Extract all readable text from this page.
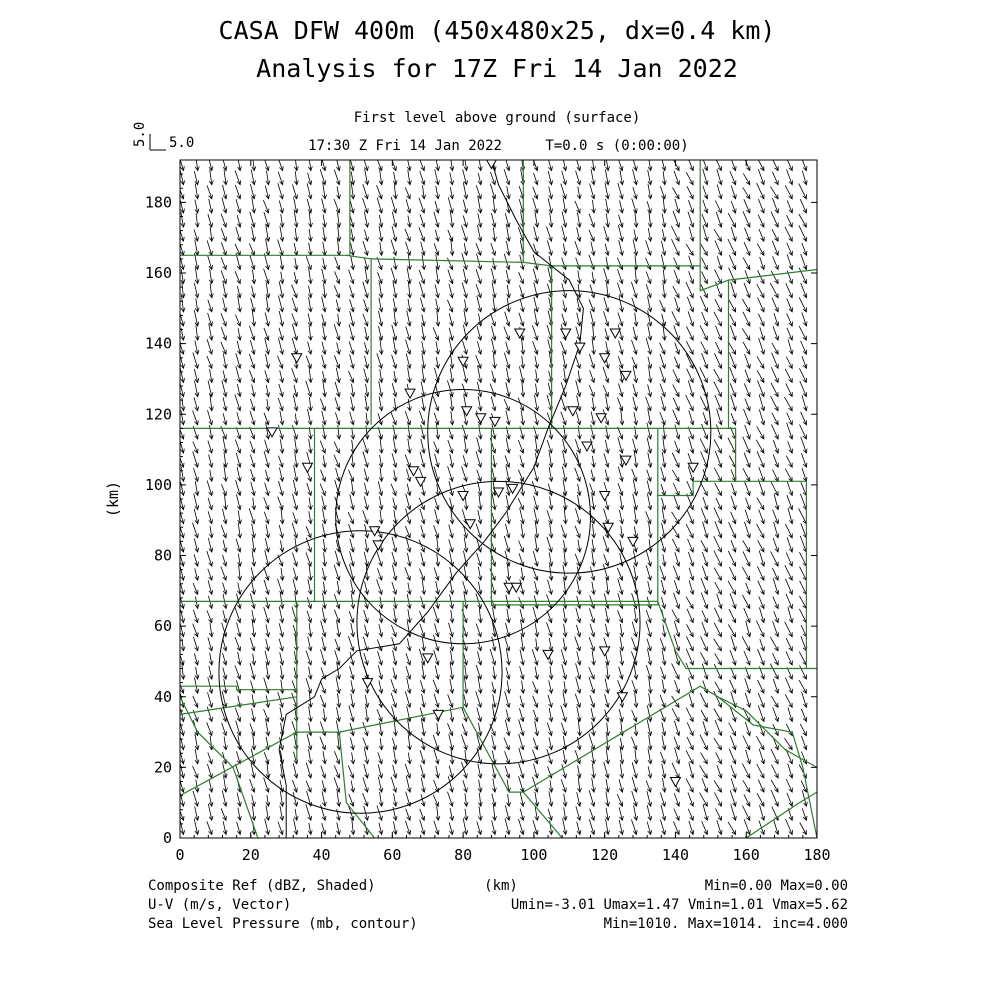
CASA DFW 400m (450x480x25, dx=0.4 km)
Analysis for 17Z Fri 14 Jan 2022
First level above ground (surface)
17:30 Z Fri 14 Jan 2022	T=0.0 s (0:00:00)
5.0
5.0
0	20	40	60	80	100	120	140	160	180
0
20
40
60
80
100
120
140
160
180
(km)
Composite Ref (dBZ, Shaded)
U-V (m/s, Vector)
Sea Level Pressure (mb, contour)
(km)	Min=0.00 Max=0.00
Umin=-3.01 Umax=1.47 Vmin=1.01 Vmax=5.62
Min=1010. Max=1014. inc=4.000
